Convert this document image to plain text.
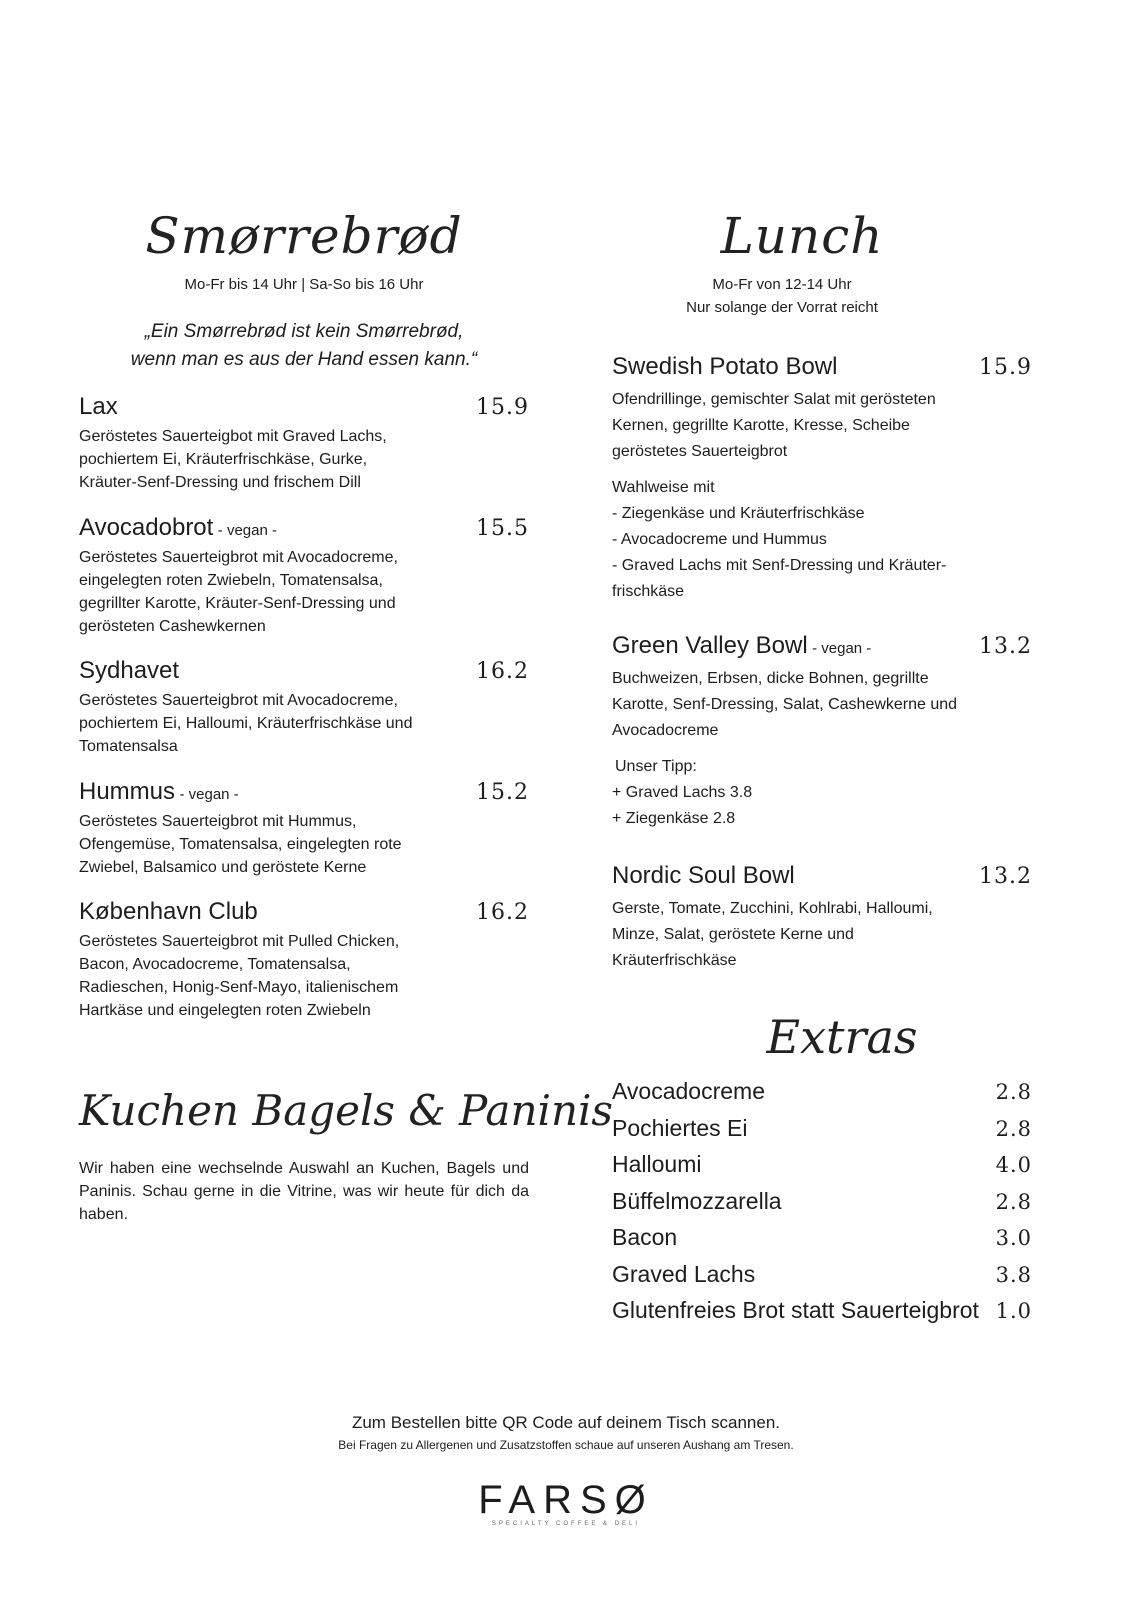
Smørrebrød
Mo-Fr bis 14 Uhr | Sa-So bis 16 Uhr
„Ein Smørrebrød ist kein Smørrebrød,
wenn man es aus der Hand essen kann.“
Lax	15.9
Geröstetes Sauerteigbot mit Graved Lachs, pochiertem Ei, Kräuterfrischkäse, Gurke, Kräuter-Senf-Dressing und frischem Dill
Avocadobrot - vegan -	15.5
Geröstetes Sauerteigbrot mit Avocadocreme, eingelegten roten Zwiebeln, Tomatensalsa, gegrillter Karotte, Kräuter-Senf-Dressing und gerösteten Cashewkernen
Sydhavet	16.2
Geröstetes Sauerteigbrot mit Avocadocreme, pochiertem Ei, Halloumi, Kräuterfrischkäse und Tomatensalsa
Hummus - vegan -	15.2
Geröstetes Sauerteigbrot mit Hummus, Ofengemüse, Tomatensalsa, eingelegten rote Zwiebel, Balsamico und geröstete Kerne
København Club	16.2
Geröstetes Sauerteigbrot mit Pulled Chicken, Bacon, Avocadocreme, Tomatensalsa, Radieschen, Honig-Senf-Mayo, italienischem Hartkäse und eingelegten roten Zwiebeln
Kuchen Bagels & Paninis
Wir haben eine wechselnde Auswahl an Kuchen, Bagels und Paninis. Schau gerne in die Vitrine, was wir heute für dich da haben.
Lunch
Mo-Fr von 12-14 Uhr
Nur solange der Vorrat reicht
Swedish Potato Bowl	15.9
Ofendrillinge, gemischter Salat mit gerösteten Kernen, gegrillte Karotte, Kresse, Scheibe geröstetes Sauerteigbrot
Wahlweise mit
- Ziegenkäse und Kräuterfrischkäse
- Avocadocreme und Hummus
- Graved Lachs mit Senf-Dressing und Kräuter-frischkäse
Green Valley Bowl - vegan -	13.2
Buchweizen, Erbsen, dicke Bohnen, gegrillte Karotte, Senf-Dressing, Salat, Cashewkerne und Avocadocreme
Unser Tipp:
+ Graved Lachs 3.8
+ Ziegenkäse 2.8
Nordic Soul Bowl	13.2
Gerste, Tomate, Zucchini, Kohlrabi, Halloumi, Minze, Salat, geröstete Kerne und Kräuterfrischkäse
Extras
Avocadocreme	2.8
Pochiertes Ei	2.8
Halloumi	4.0
Büffelmozzarella	2.8
Bacon	3.0
Graved Lachs	3.8
Glutenfreies Brot statt Sauerteigbrot 1.0
Zum Bestellen bitte QR Code auf deinem Tisch scannen.
Bei Fragen zu Allergenen und Zusatzstoffen schaue auf unseren Aushang am Tresen.
FARSØ
SPECIALTY COFFEE & DELI
